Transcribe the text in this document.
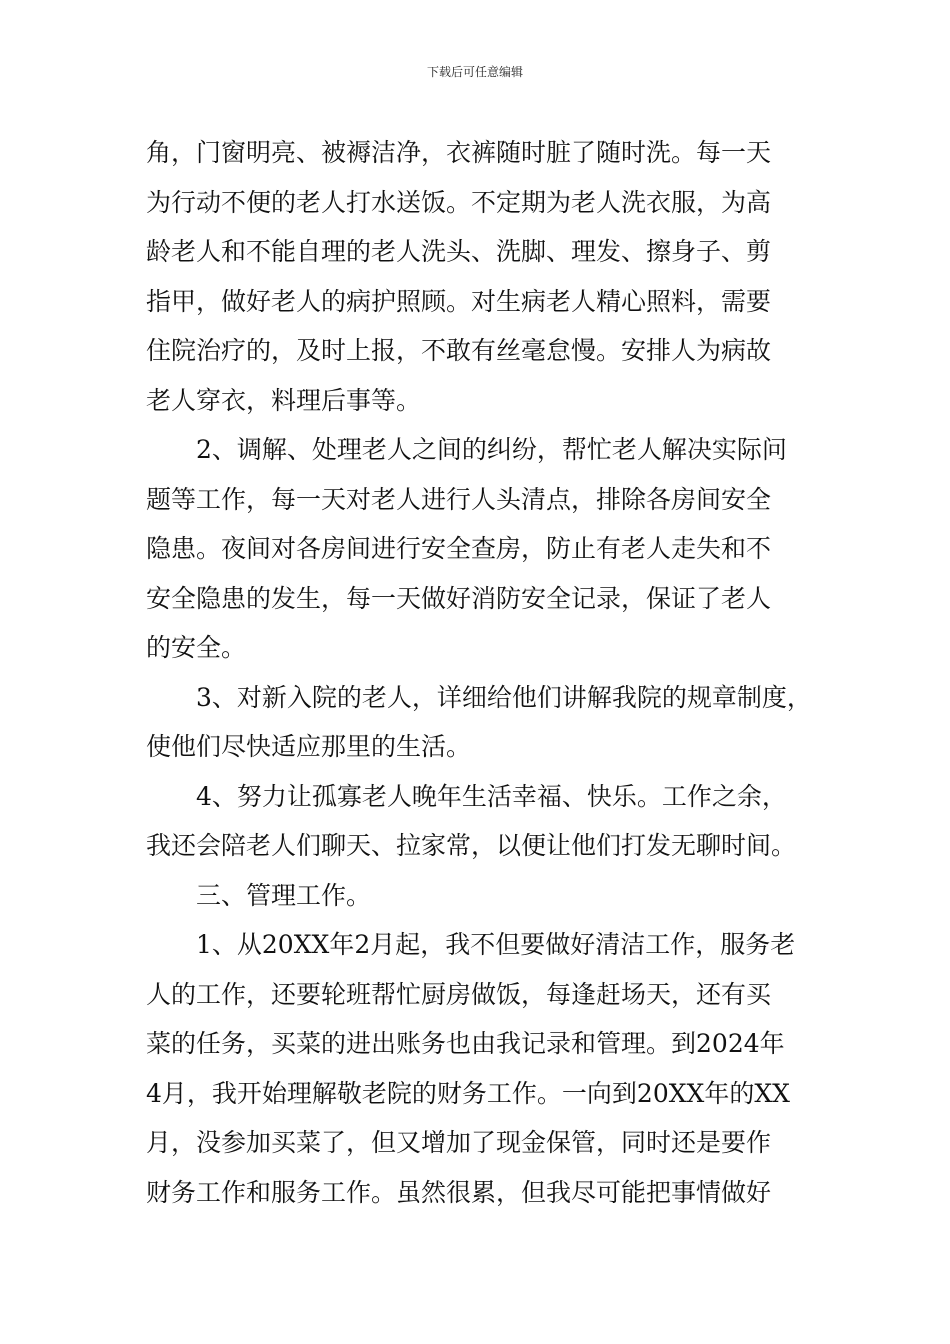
下载后可任意编辑

角，门窗明亮、被褥洁净，衣裤随时脏了随时洗。每一天

为行动不便的老人打水送饭。不定期为老人洗衣服，为高

龄老人和不能自理的老人洗头、洗脚、理发、擦身子、剪

指甲，做好老人的病护照顾。对生病老人精心照料，需要

住院治疗的，及时上报，不敢有丝毫怠慢。安排人为病故

老人穿衣，料理后事等。

2、调解、处理老人之间的纠纷，帮忙老人解决实际问

题等工作，每一天对老人进行人头清点，排除各房间安全

隐患。夜间对各房间进行安全查房，防止有老人走失和不

安全隐患的发生，每一天做好消防安全记录，保证了老人

的安全。

3、对新入院的老人，详细给他们讲解我院的规章制度，

使他们尽快适应那里的生活。

4、努力让孤寡老人晚年生活幸福、快乐。工作之余，

我还会陪老人们聊天、拉家常，以便让他们打发无聊时间。

三、管理工作。

1、从20XX年2月起，我不但要做好清洁工作，服务老

人的工作，还要轮班帮忙厨房做饭，每逢赶场天，还有买

菜的任务，买菜的进出账务也由我记录和管理。到2024年

4月，我开始理解敬老院的财务工作。一向到20XX年的XX

月，没参加买菜了，但又增加了现金保管，同时还是要作

财务工作和服务工作。虽然很累，但我尽可能把事情做好
